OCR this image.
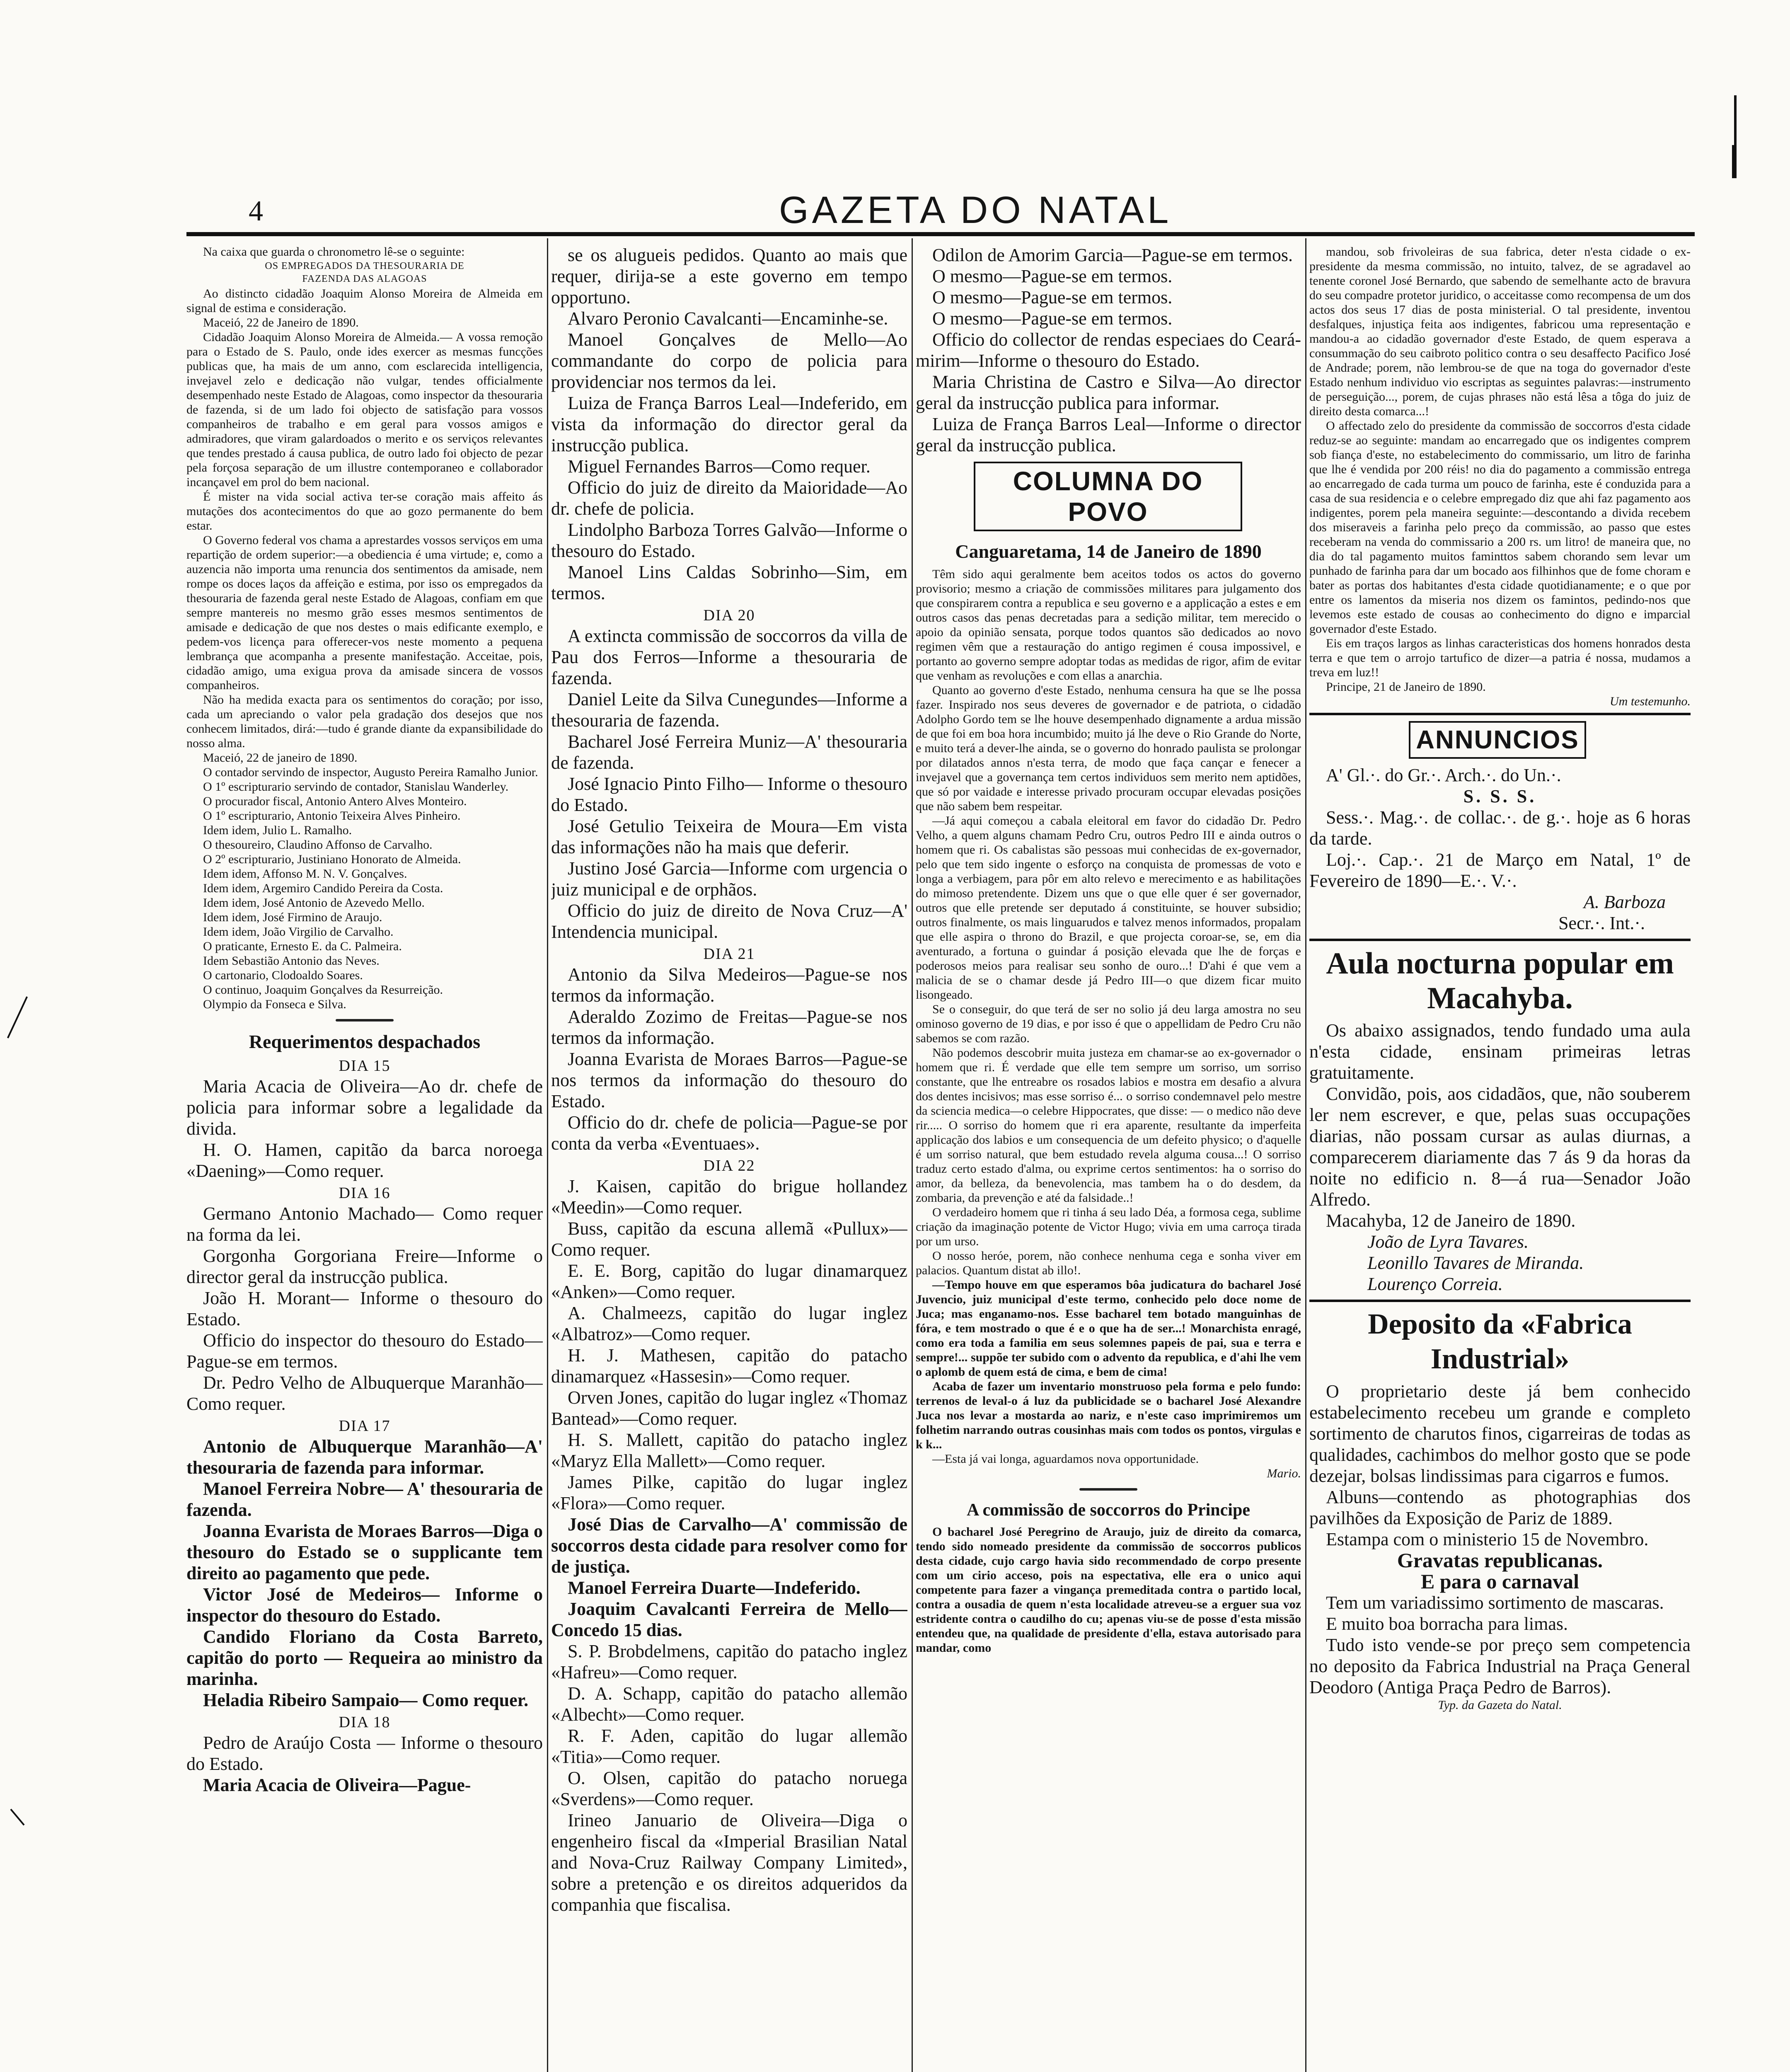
4	GAZETA DO NATAL

Na caixa que guarda o chronometro lê-se o seguinte:

OS EMPREGADOS DA THESOURARIA DE

FAZENDA DAS ALAGOAS

Ao distincto cidadão Joaquim Alonso Moreira de Almeida em signal de estima e consideração.

Maceió, 22 de Janeiro de 1890.

Cidadão Joaquim Alonso Moreira de Almeida.— A vossa remoção para o Estado de S. Paulo, onde ides exercer as mesmas funcções publicas que, ha mais de um anno, com esclarecida intelligencia, invejavel zelo e dedicação não vulgar, tendes officialmente desempenhado neste Estado de Alagoas, como inspector da thesouraria de fazenda, si de um lado foi objecto de satisfação para vossos companheiros de trabalho e em geral para vossos amigos e admiradores, que viram galardoados o merito e os serviços relevantes que tendes prestado á causa publica, de outro lado foi objecto de pezar pela forçosa separação de um illustre contemporaneo e collaborador incançavel em prol do bem nacional.

É mister na vida social activa ter-se coração mais affeito ás mutações dos acontecimentos do que ao gozo permanente do bem estar.

O Governo federal vos chama a aprestardes vossos serviços em uma repartição de ordem superior:—a obediencia é uma virtude; e, como a auzencia não importa uma renuncia dos sentimentos da amisade, nem rompe os doces laços da affeição e estima, por isso os empregados da thesouraria de fazenda geral neste Estado de Alagoas, confiam em que sempre mantereis no mesmo grão esses mesmos sentimentos de amisade e dedicação de que nos destes o mais edificante exemplo, e pedem-vos licença para offerecer-vos neste momento a pequena lembrança que acompanha a presente manifestação. Acceitae, pois, cidadão amigo, uma exigua prova da amisade sincera de vossos companheiros.

Não ha medida exacta para os sentimentos do coração; por isso, cada um apreciando o valor pela gradação dos desejos que nos conhecem limitados, dirá:—tudo é grande diante da expansibilidade do nosso alma.

Maceió, 22 de janeiro de 1890.

O contador servindo de inspector, Augusto Pereira Ramalho Junior.

O 1º escripturario servindo de contador, Stanislau Wanderley.

O procurador fiscal, Antonio Antero Alves Monteiro.

O 1º escripturario, Antonio Teixeira Alves Pinheiro.

Idem idem, Julio L. Ramalho.

O thesoureiro, Claudino Affonso de Carvalho.

O 2º escripturario, Justiniano Honorato de Almeida.

Idem idem, Affonso M. N. V. Gonçalves.

Idem idem, Argemiro Candido Pereira da Costa.

Idem idem, José Antonio de Azevedo Mello.

Idem idem, José Firmino de Araujo.

Idem idem, João Virgilio de Carvalho.

O praticante, Ernesto E. da C. Palmeira.

Idem Sebastião Antonio das Neves.

O cartonario, Clodoaldo Soares.

O continuo, Joaquim Gonçalves da Resurreição.

Olympio da Fonseca e Silva.

Requerimentos despachados
DIA 15

Maria Acacia de Oliveira—Ao dr. chefe de policia para informar sobre a legalidade da divida.

H. O. Hamen, capitão da barca noroega «Daening»—Como requer.

DIA 16

Germano Antonio Machado— Como requer na forma da lei.

Gorgonha Gorgoriana Freire—Informe o director geral da instrucção publica.

João H. Morant— Informe o thesouro do Estado.

Officio do inspector do thesouro do Estado—Pague-se em termos.

Dr. Pedro Velho de Albuquerque Maranhão—Como requer.

DIA 17

Antonio de Albuquerque Maranhão—A' thesouraria de fazenda para informar.

Manoel Ferreira Nobre— A' thesouraria de fazenda.

Joanna Evarista de Moraes Barros—Diga o thesouro do Estado se o supplicante tem direito ao pagamento que pede.

Victor José de Medeiros— Informe o inspector do thesouro do Estado.

Candido Floriano da Costa Barreto, capitão do porto — Requeira ao ministro da marinha.

Heladia Ribeiro Sampaio— Como requer.

DIA 18

Pedro de Araújo Costa — Informe o thesouro do Estado.

Maria Acacia de Oliveira—Pague-

se os alugueis pedidos. Quanto ao mais que requer, dirija-se a este governo em tempo opportuno.

Alvaro Peronio Cavalcanti—Encaminhe-se.

Manoel Gonçalves de Mello—Ao commandante do corpo de policia para providenciar nos termos da lei.

Luiza de França Barros Leal—Indeferido, em vista da informação do director geral da instrucção publica.

Miguel Fernandes Barros—Como requer.

Officio do juiz de direito da Maioridade—Ao dr. chefe de policia.

Lindolpho Barboza Torres Galvão—Informe o thesouro do Estado.

Manoel Lins Caldas Sobrinho—Sim, em termos.

DIA 20

A extincta commissão de soccorros da villa de Pau dos Ferros—Informe a thesouraria de fazenda.

Daniel Leite da Silva Cunegundes—Informe a thesouraria de fazenda.

Bacharel José Ferreira Muniz—A' thesouraria de fazenda.

José Ignacio Pinto Filho— Informe o thesouro do Estado.

José Getulio Teixeira de Moura—Em vista das informações não ha mais que deferir.

Justino José Garcia—Informe com urgencia o juiz municipal e de orphãos.

Officio do juiz de direito de Nova Cruz—A' Intendencia municipal.

DIA 21

Antonio da Silva Medeiros—Pague-se nos termos da informação.

Aderaldo Zozimo de Freitas—Pague-se nos termos da informação.

Joanna Evarista de Moraes Barros—Pague-se nos termos da informação do thesouro do Estado.

Officio do dr. chefe de policia—Pague-se por conta da verba «Eventuaes».

DIA 22

J. Kaisen, capitão do brigue hollandez «Meedin»—Como requer.

Buss, capitão da escuna allemã «Pullux»—Como requer.

E. E. Borg, capitão do lugar dinamarquez «Anken»—Como requer.

A. Chalmeezs, capitão do lugar inglez «Albatroz»—Como requer.

H. J. Mathesen, capitão do patacho dinamarquez «Hassesin»—Como requer.

Orven Jones, capitão do lugar inglez «Thomaz Bantead»—Como requer.

H. S. Mallett, capitão do patacho inglez «Maryz Ella Mallett»—Como requer.

James Pilke, capitão do lugar inglez «Flora»—Como requer.

José Dias de Carvalho—A' commissão de soccorros desta cidade para resolver como for de justiça.

Manoel Ferreira Duarte—Indeferido.

Joaquim Cavalcanti Ferreira de Mello—Concedo 15 dias.

S. P. Brobdelmens, capitão do patacho inglez «Hafreu»—Como requer.

D. A. Schapp, capitão do patacho allemão «Albecht»—Como requer.

R. F. Aden, capitão do lugar allemão «Titia»—Como requer.

O. Olsen, capitão do patacho noruega «Sverdens»—Como requer.

Irineo Januario de Oliveira—Diga o engenheiro fiscal da «Imperial Brasilian Natal and Nova-Cruz Railway Company Limited», sobre a pretenção e os direitos adqueridos da companhia que fiscalisa.

Odilon de Amorim Garcia—Pague-se em termos.

O mesmo—Pague-se em termos.

O mesmo—Pague-se em termos.

O mesmo—Pague-se em termos.

Officio do collector de rendas especiaes do Ceará-mirim—Informe o thesouro do Estado.

Maria Christina de Castro e Silva—Ao director geral da instrucção publica para informar.

Luiza de França Barros Leal—Informe o director geral da instrucção publica.

COLUMNA DO POVO
Canguaretama, 14 de Janeiro de 1890

Têm sido aqui geralmente bem aceitos todos os actos do governo provisorio; mesmo a criação de commissões militares para julgamento dos que conspirarem contra a republica e seu governo e a applicação a estes e em outros casos das penas decretadas para a sedição militar, tem merecido o apoio da opinião sensata, porque todos quantos são dedicados ao novo regimen vêm que a restauração do antigo regimen é cousa impossivel, e portanto ao governo sempre adoptar todas as medidas de rigor, afim de evitar que venham as revoluções e com ellas a anarchia.

Quanto ao governo d'este Estado, nenhuma censura ha que se lhe possa fazer. Inspirado nos seus deveres de governador e de patriota, o cidadão Adolpho Gordo tem se lhe houve desempenhado dignamente a ardua missão de que foi em boa hora incumbido; muito já lhe deve o Rio Grande do Norte, e muito terá a dever-lhe ainda, se o governo do honrado paulista se prolongar por dilatados annos n'esta terra, de modo que faça cançar e fenecer a invejavel que a governança tem certos individuos sem merito nem aptidões, que só por vaidade e interesse privado procuram occupar elevadas posições que não sabem bem respeitar.

—Já aqui começou a cabala eleitoral em favor do cidadão Dr. Pedro Velho, a quem alguns chamam Pedro Cru, outros Pedro III e ainda outros o homem que ri. Os cabalistas são pessoas mui conhecidas de ex-governador, pelo que tem sido ingente o esforço na conquista de promessas de voto e longa a verbiagem, para pôr em alto relevo e merecimento e as habilitações do mimoso pretendente. Dizem uns que o que elle quer é ser governador, outros que elle pretende ser deputado á constituinte, se houver subsidio; outros finalmente, os mais linguarudos e talvez menos informados, propalam que elle aspira o throno do Brazil, e que projecta coroar-se, se, em dia aventurado, a fortuna o guindar á posição elevada que lhe de forças e poderosos meios para realisar seu sonho de ouro...! D'ahi é que vem a malicia de se o chamar desde já Pedro III—o que dizem ficar muito lisongeado.

Se o conseguir, do que terá de ser no solio já deu larga amostra no seu ominoso governo de 19 dias, e por isso é que o appellidam de Pedro Cru não sabemos se com razão.

Não podemos descobrir muita justeza em chamar-se ao ex-governador o homem que ri. É verdade que elle tem sempre um sorriso, um sorriso constante, que lhe entreabre os rosados labios e mostra em desafio a alvura dos dentes incisivos; mas esse sorriso é... o sorriso condemnavel pelo mestre da sciencia medica—o celebre Hippocrates, que disse: — o medico não deve rir..... O sorriso do homem que ri era aparente, resultante da imperfeita applicação dos labios e um consequencia de um defeito physico; o d'aquelle é um sorriso natural, que bem estudado revela alguma cousa...! O sorriso traduz certo estado d'alma, ou exprime certos sentimentos: ha o sorriso do amor, da belleza, da benevolencia, mas tambem ha o do desdem, da zombaria, da prevenção e até da falsidade..!

O verdadeiro homem que ri tinha á seu lado Déa, a formosa cega, sublime criação da imaginação potente de Victor Hugo; vivia em uma carroça tirada por um urso.

O nosso heróe, porem, não conhece nenhuma cega e sonha viver em palacios. Quantum distat ab illo!.

—Tempo houve em que esperamos bôa judicatura do bacharel José Juvencio, juiz municipal d'este termo, conhecido pelo doce nome de Juca; mas enganamo-nos. Esse bacharel tem botado manguinhas de fóra, e tem mostrado o que é e o que ha de ser...! Monarchista enragé, como era toda a familia em seus solemnes papeis de pai, sua e terra e sempre!... suppõe ter subido com o advento da republica, e d'ahi lhe vem o aplomb de quem está de cima, e bem de cima!

Acaba de fazer um inventario monstruoso pela forma e pelo fundo: terrenos de leval-o á luz da publicidade se o bacharel José Alexandre Juca nos levar a mostarda ao nariz, e n'este caso imprimiremos um folhetim narrando outras cousinhas mais com todos os pontos, virgulas e k k...

—Esta já vai longa, aguardamos nova opportunidade.

Mario.

A commissão de soccorros do Principe

O bacharel José Peregrino de Araujo, juiz de direito da comarca, tendo sido nomeado presidente da commissão de soccorros publicos desta cidade, cujo cargo havia sido recommendado de corpo presente com um cirio acceso, pois na espectativa, elle era o unico aqui competente para fazer a vingança premeditada contra o partido local, contra a ousadia de quem n'esta localidade atreveu-se a erguer sua voz estridente contra o caudilho do cu; apenas viu-se de posse d'esta missão entendeu que, na qualidade de presidente d'ella, estava autorisado para mandar, como

mandou, sob frivoleiras de sua fabrica, deter n'esta cidade o ex-presidente da mesma commissão, no intuito, talvez, de se agradavel ao tenente coronel José Bernardo, que sabendo de semelhante acto de bravura do seu compadre protetor juridico, o acceitasse como recompensa de um dos actos dos seus 17 dias de posta ministerial. O tal presidente, inventou desfalques, injustiça feita aos indigentes, fabricou uma representação e mandou-a ao cidadão governador d'este Estado, de quem esperava a consummação do seu caibroto politico contra o seu desaffecto Pacifico José de Andrade; porem, não lembrou-se de que na toga do governador d'este Estado nenhum individuo vio escriptas as seguintes palavras:—instrumento de perseguição..., porem, de cujas phrases não está lêsa a tôga do juiz de direito desta comarca...!

O affectado zelo do presidente da commissão de soccorros d'esta cidade reduz-se ao seguinte: mandam ao encarregado que os indigentes comprem sob fiança d'este, no estabelecimento do commissario, um litro de farinha que lhe é vendida por 200 réis! no dia do pagamento a commissão entrega ao encarregado de cada turma um pouco de farinha, este é conduzida para a casa de sua residencia e o celebre empregado diz que ahi faz pagamento aos indigentes, porem pela maneira seguinte:—descontando a divida recebem dos miseraveis a farinha pelo preço da commissão, ao passo que estes receberam na venda do commissario a 200 rs. um litro! de maneira que, no dia do tal pagamento muitos faminttos sabem chorando sem levar um punhado de farinha para dar um bocado aos filhinhos que de fome choram e bater as portas dos habitantes d'esta cidade quotidianamente; e o que por entre os lamentos da miseria nos dizem os famintos, pedindo-nos que levemos este estado de cousas ao conhecimento do digno e imparcial governador d'este Estado.

Eis em traços largos as linhas caracteristicas dos homens honrados desta terra e que tem o arrojo tartufico de dizer—a patria é nossa, mudamos a treva em luz!!

Principe, 21 de Janeiro de 1890.

Um testemunho.

ANNUNCIOS

A' Gl.·. do Gr.·. Arch.·. do Un.·.

S. S. S.

Sess.·. Mag.·. de collac.·. de g.·. hoje as 6 horas da tarde.

Loj.·. Cap.·. 21 de Março em Natal, 1º de Fevereiro de 1890—E.·. V.·.

A. Barboza

Secr.·. Int.·.

Aula nocturna popular em Macahyba.

Os abaixo assignados, tendo fundado uma aula n'esta cidade, ensinam primeiras letras gratuitamente.

Convidão, pois, aos cidadãos, que, não souberem ler nem escrever, e que, pelas suas occupações diarias, não possam cursar as aulas diurnas, a comparecerem diariamente das 7 ás 9 da horas da noite no edificio n. 8—á rua—Senador João Alfredo.

Macahyba, 12 de Janeiro de 1890.

João de Lyra Tavares.

Leonillo Tavares de Miranda.

Lourenço Correia.

Deposito da «Fabrica Industrial»

O proprietario deste já bem conhecido estabelecimento recebeu um grande e completo sortimento de charutos finos, cigarreiras de todas as qualidades, cachimbos do melhor gosto que se pode dezejar, bolsas lindissimas para cigarros e fumos.

Albuns—contendo as photographias dos pavilhões da Exposição de Pariz de 1889.

Estampa com o ministerio 15 de Novembro.

Gravatas republicanas.

E para o carnaval

Tem um variadissimo sortimento de mascaras.

E muito boa borracha para limas.

Tudo isto vende-se por preço sem competencia no deposito da Fabrica Industrial na Praça General Deodoro (Antiga Praça Pedro de Barros).

Typ. da Gazeta do Natal.
